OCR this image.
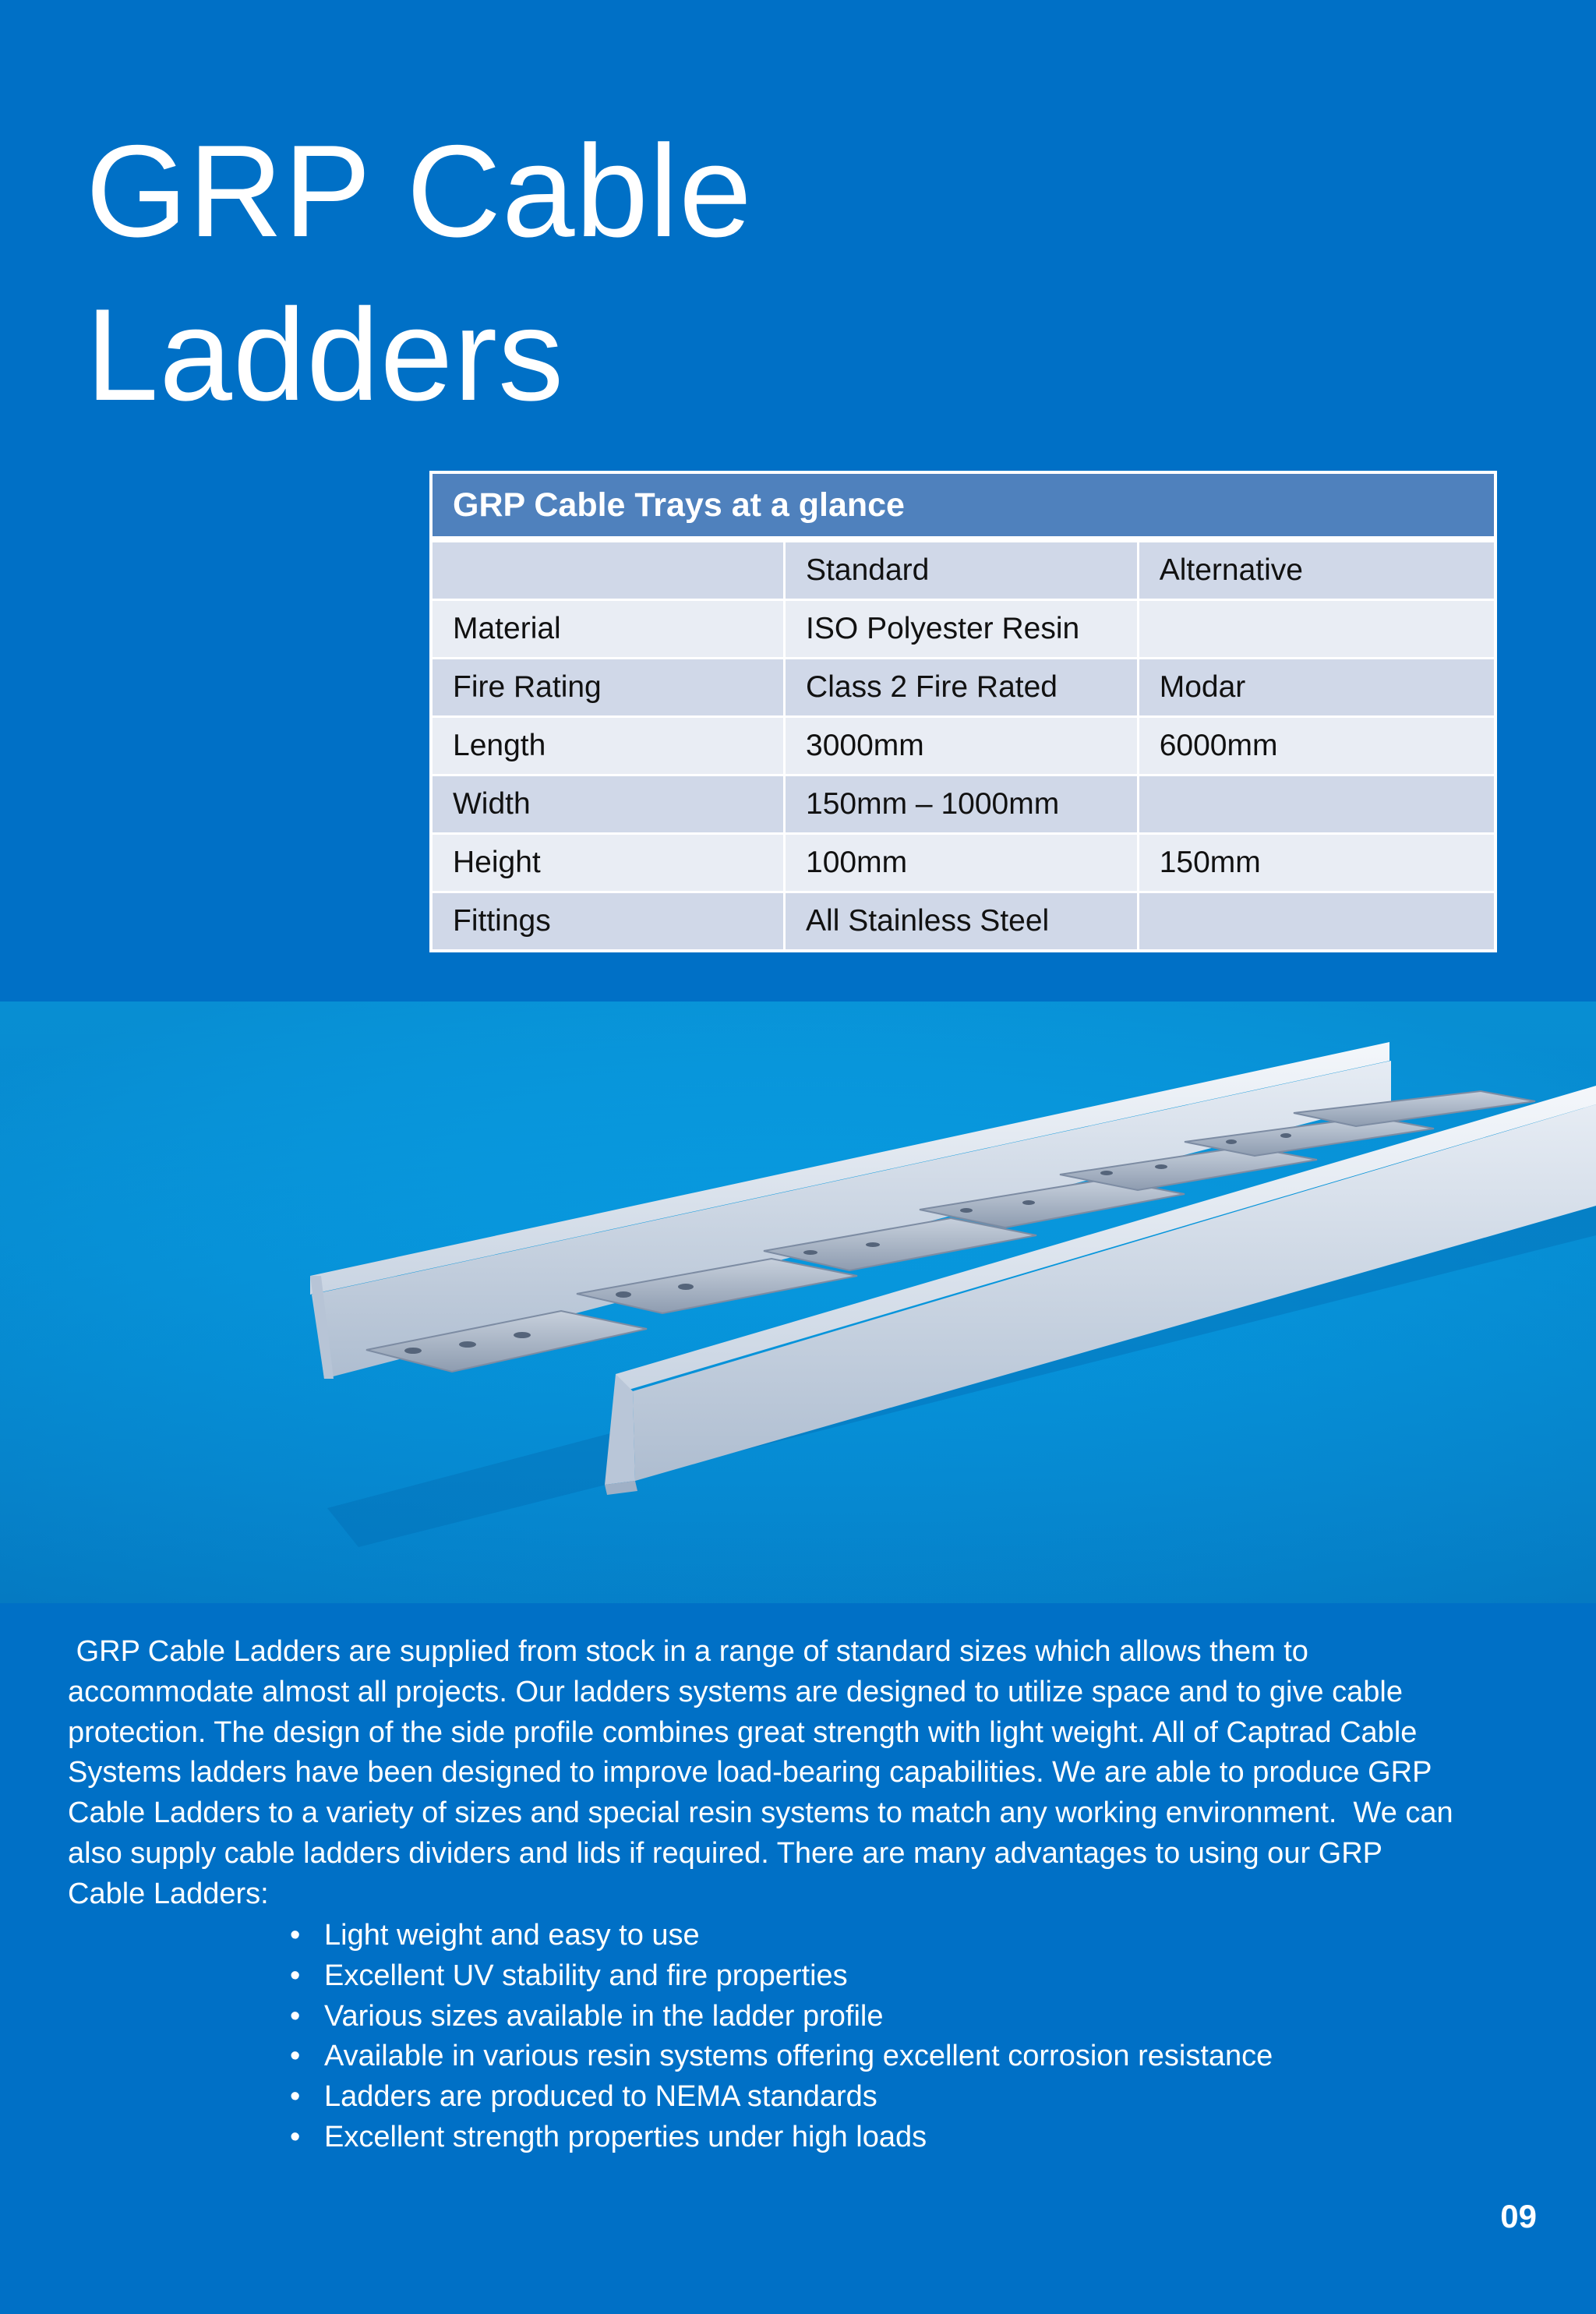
GRP Cable
Ladders
GRP Cable Trays at a glance		
	Standard	Alternative
Material	ISO Polyester Resin	
Fire Rating	Class 2 Fire Rated	Modar
Length	3000mm	6000mm
Width	150mm – 1000mm	
Height	100mm	150mm
Fittings	All Stainless Steel	

GRP Cable Ladders are supplied from stock in a range of standard sizes which allows them to
accommodate almost all projects. Our ladders systems are designed to utilize space and to give cable
protection. The design of the side profile combines great strength with light weight. All of Captrad Cable
Systems ladders have been designed to improve load-bearing capabilities. We are able to produce GRP
Cable Ladders to a variety of sizes and special resin systems to match any working environment.  We can
also supply cable ladders dividers and lids if required. There are many advantages to using our GRP
Cable Ladders:

• Light weight and easy to use
• Excellent UV stability and fire properties
• Various sizes available in the ladder profile
• Available in various resin systems offering excellent corrosion resistance
• Ladders are produced to NEMA standards
• Excellent strength properties under high loads
09
